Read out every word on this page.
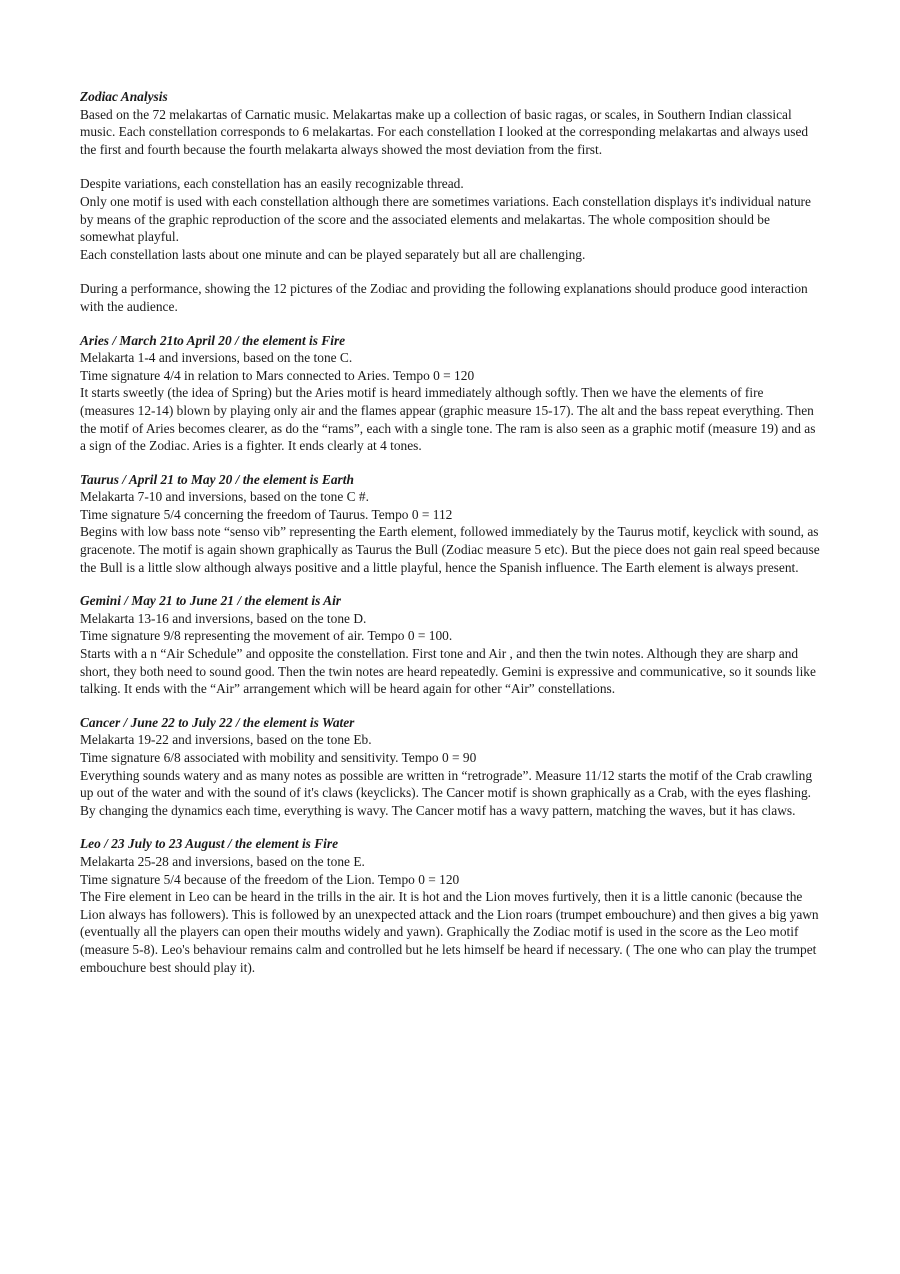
Zodiac Analysis

Based on the 72 melakartas of Carnatic music. Melakartas make up a collection of basic ragas, or scales, in Southern Indian classical music. Each constellation corresponds to 6 melakartas. For each constellation I looked at the corresponding melakartas and always used the first and fourth because the fourth melakarta always showed the most deviation from the first.

Despite variations, each constellation has an easily recognizable thread.

Only one motif is used with each constellation although there are sometimes variations. Each constellation displays it's individual nature by means of the graphic reproduction of the score and the associated elements and melakartas. The whole composition should be somewhat playful.

Each constellation lasts about one minute and can be played separately but all are challenging.

During a performance, showing the 12 pictures of the Zodiac and providing the following explanations should produce good interaction with the audience.

Aries / March 21to April 20 / the element is Fire

Melakarta 1-4 and inversions, based on the tone C.

Time signature 4/4 in relation to Mars connected to Aries. Tempo 0 = 120

It starts sweetly (the idea of Spring) but the Aries motif is heard immediately although softly. Then we have the elements of fire (measures 12-14) blown by playing only air and the flames appear (graphic measure 15-17). The alt and the bass repeat everything. Then the motif of Aries becomes clearer, as do the “rams”, each with a single tone. The ram is also seen as a graphic motif (measure 19) and as a sign of the Zodiac. Aries is a fighter. It ends clearly at 4 tones.

Taurus / April 21 to May 20 / the element is Earth

Melakarta 7-10 and inversions, based on the tone C #.

Time signature 5/4 concerning the freedom of Taurus. Tempo 0 = 112

Begins with low bass note “senso vib” representing the Earth element, followed immediately by the Taurus motif, keyclick with sound, as gracenote. The motif is again shown graphically as Taurus the Bull (Zodiac measure 5 etc). But the piece does not gain real speed because the Bull is a little slow although always positive and a little playful, hence the Spanish influence. The Earth element is always present.

Gemini / May 21 to June 21 / the element is Air

Melakarta 13-16 and inversions, based on the tone D.

Time signature 9/8 representing the movement of air. Tempo 0 = 100.

Starts with a n “Air Schedule” and opposite the constellation. First tone and Air , and then the twin notes. Although they are sharp and short, they both need to sound good. Then the twin notes are heard repeatedly. Gemini is expressive and communicative, so it sounds like talking. It ends with the “Air” arrangement which will be heard again for other “Air” constellations.

Cancer / June 22 to July 22 / the element is Water

Melakarta 19-22 and inversions, based on the tone Eb.

Time signature 6/8 associated with mobility and sensitivity. Tempo 0 = 90

Everything sounds watery and as many notes as possible are written in “retrograde”. Measure 11/12 starts the motif of the Crab crawling up out of the water and with the sound of it's claws (keyclicks). The Cancer motif is shown graphically as a Crab, with the eyes flashing.

By changing the dynamics each time, everything is wavy. The Cancer motif has a wavy pattern, matching the waves, but it has claws.

Leo / 23 July to 23 August / the element is Fire

Melakarta 25-28 and inversions, based on the tone E.

Time signature 5/4 because of the freedom of the Lion. Tempo 0 = 120

The Fire element in Leo can be heard in the trills in the air. It is hot and the Lion moves furtively, then it is a little canonic (because the Lion always has followers). This is followed by an unexpected attack and the Lion roars (trumpet embouchure) and then gives a big yawn (eventually all the players can open their mouths widely and yawn). Graphically the Zodiac motif is used in the score as the Leo motif (measure 5-8). Leo's behaviour remains calm and controlled but he lets himself be heard if necessary. ( The one who can play the trumpet embouchure best should play it).
